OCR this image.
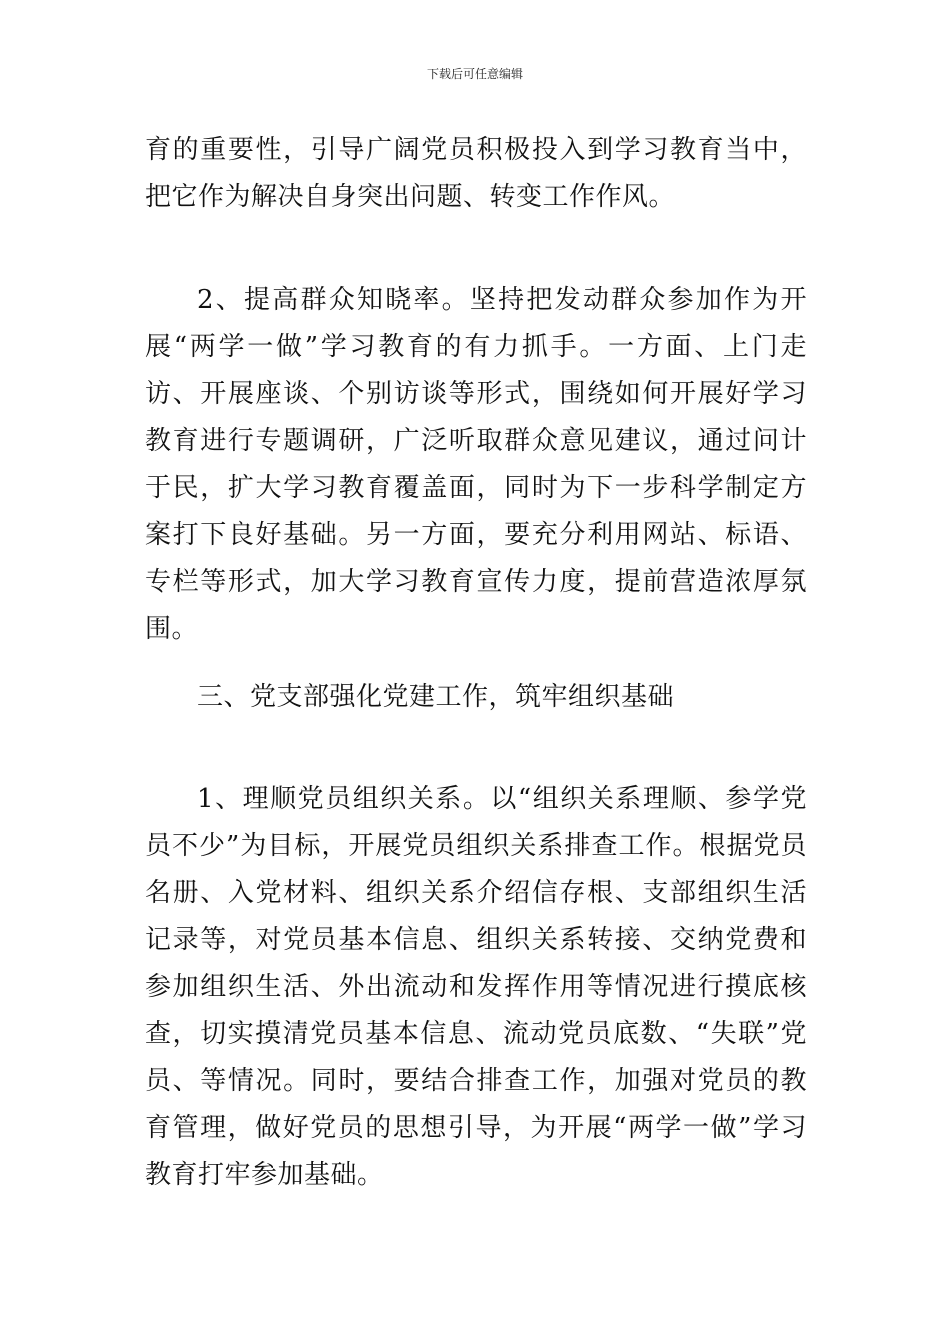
下载后可任意编辑

育的重要性，引导广阔党员积极投入到学习教育当中，把它作为解决自身突出问题、转变工作作风。

2、提高群众知晓率。坚持把发动群众参加作为开展“两学一做”学习教育的有力抓手。一方面、上门走访、开展座谈、个别访谈等形式，围绕如何开展好学习教育进行专题调研，广泛听取群众意见建议，通过问计于民，扩大学习教育覆盖面，同时为下一步科学制定方案打下良好基础。另一方面，要充分利用网站、标语、专栏等形式，加大学习教育宣传力度，提前营造浓厚氛围。

三、党支部强化党建工作，筑牢组织基础

1、理顺党员组织关系。以“组织关系理顺、参学党员不少”为目标，开展党员组织关系排查工作。根据党员名册、入党材料、组织关系介绍信存根、支部组织生活记录等，对党员基本信息、组织关系转接、交纳党费和参加组织生活、外出流动和发挥作用等情况进行摸底核查，切实摸清党员基本信息、流动党员底数、“失联”党员、等情况。同时，要结合排查工作，加强对党员的教育管理，做好党员的思想引导，为开展“两学一做”学习教育打牢参加基础。
